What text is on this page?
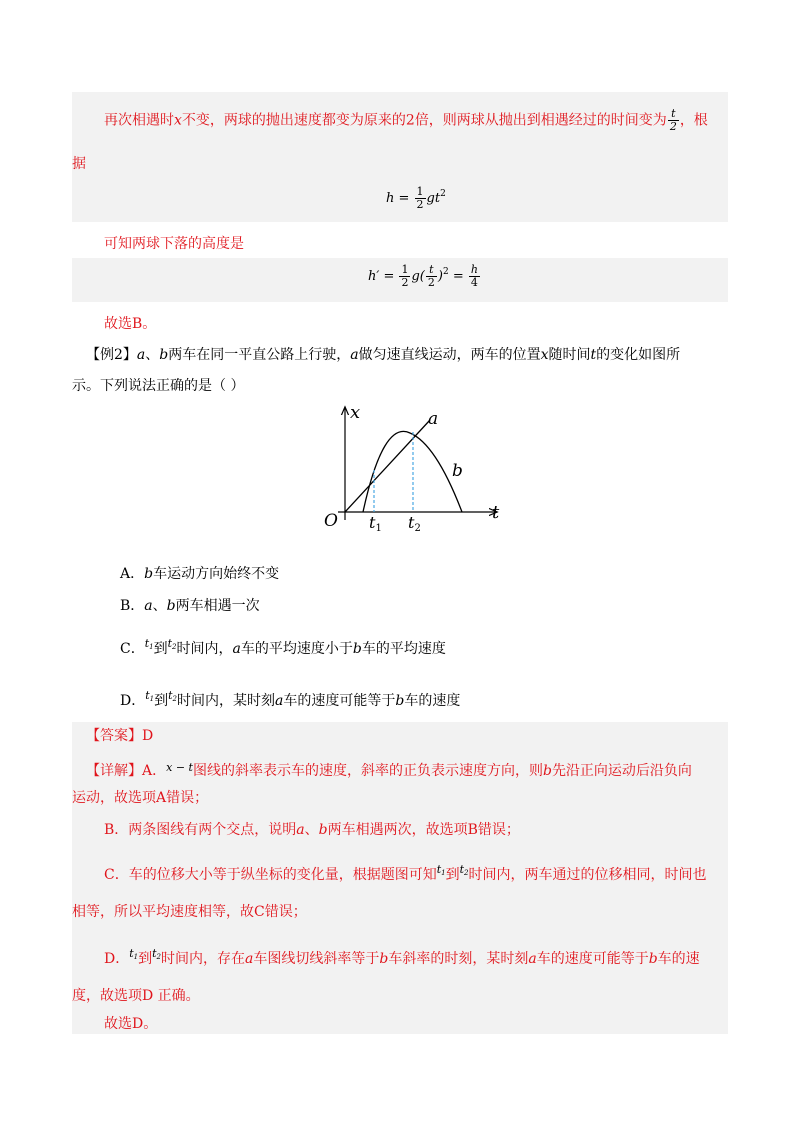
再次相遇时x不变，两球的抛出速度都变为原来的2倍，则两球从抛出到相遇经过的时间变为 $\frac{t}{2}$ ，根
据
$h = \frac{1}{2} gt^2$
可知两球下落的高度是
$h' = \frac{1}{2} g( \frac{t}{2} )^2 = \frac{h}{4}$
故选B。
【例2】a、b两车在同一平直公路上行驶，a做匀速直线运动，两车的位置x随时间t的变化如图所
示。下列说法正确的是（ ）
x
t
O
a
b
t1 t2
A．b车运动方向始终不变
B．a、b两车相遇一次
C．t1到t2时间内，a车的平均速度小于b车的平均速度
D．t1到t2时间内，某时刻a车的速度可能等于b车的速度
【答案】D
【详解】A．x − t图线的斜率表示车的速度，斜率的正负表示速度方向，则b先沿正向运动后沿负向
运动，故选项A错误；
B．两条图线有两个交点，说明a、b两车相遇两次，故选项B错误；
C．车的位移大小等于纵坐标的变化量，根据题图可知t1到t2时间内，两车通过的位移相同，时间也
相等，所以平均速度相等，故C错误；
D．t1到t2时间内，存在a车图线切线斜率等于b车斜率的时刻，某时刻a车的速度可能等于b车的速
度，故选项D 正确。
故选D。
